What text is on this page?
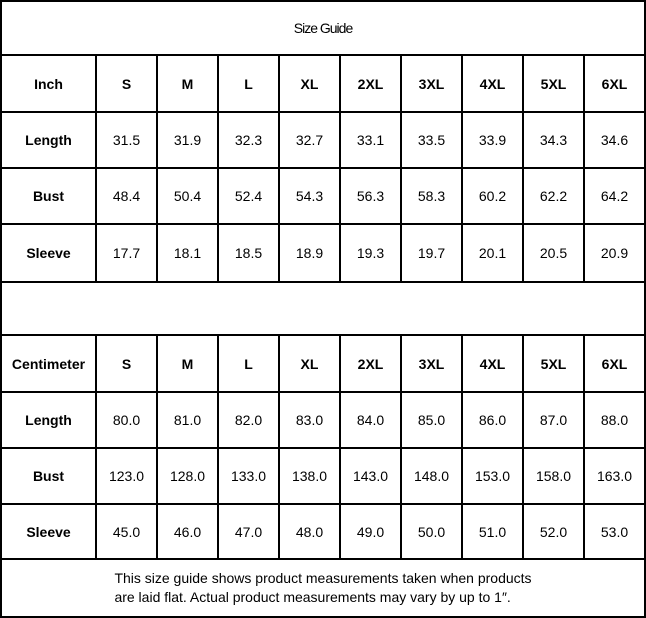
Size Guide									
Inch	S	M	L	XL	2XL	3XL	4XL	5XL	6XL
Length	31.5	31.9	32.3	32.7	33.1	33.5	33.9	34.3	34.6
Bust	48.4	50.4	52.4	54.3	56.3	58.3	60.2	62.2	64.2
Sleeve	17.7	18.1	18.5	18.9	19.3	19.7	20.1	20.5	20.9

Centimeter	S	M	L	XL	2XL	3XL	4XL	5XL	6XL
Length	80.0	81.0	82.0	83.0	84.0	85.0	86.0	87.0	88.0
Bust	123.0	128.0	133.0	138.0	143.0	148.0	153.0	158.0	163.0
Sleeve	45.0	46.0	47.0	48.0	49.0	50.0	51.0	52.0	53.0

This size guide shows product measurements taken when products
are laid flat. Actual product measurements may vary by up to 1″.									
